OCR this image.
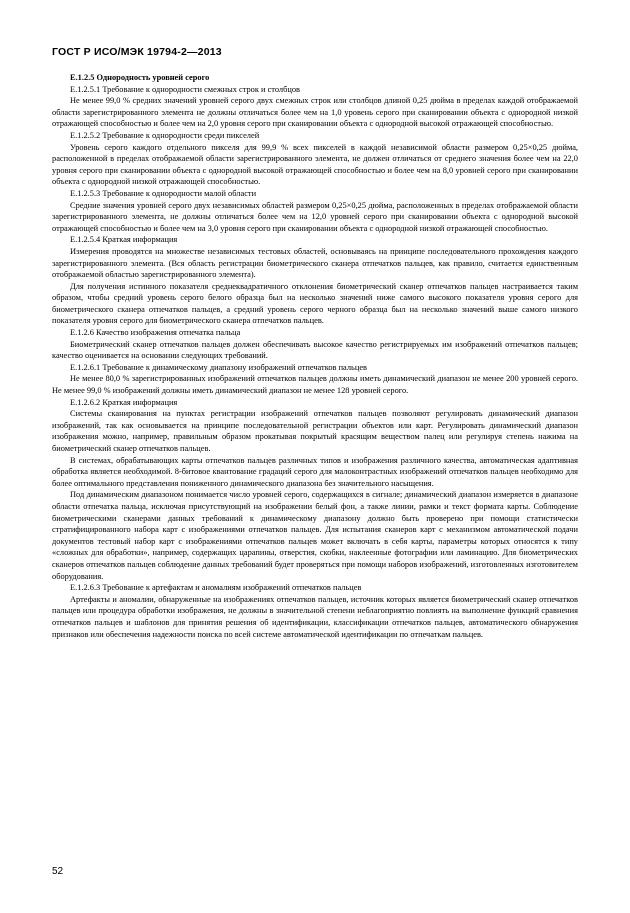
ГОСТ Р ИСО/МЭК 19794-2—2013

E.1.2.5 Однородность уровней серого

E.1.2.5.1 Требование к однородности смежных строк и столбцов

Не менее 99,0 % средних значений уровней серого двух смежных строк или столбцов длиной 0,25 дюйма в пределах каждой отображаемой области зарегистрированного элемента не должны отличаться более чем на 1,0 уровень серого при сканировании объекта с однородной низкой отражающей способностью и более чем на 2,0 уровня серого при сканировании объекта с однородной высокой отражающей способностью.

E.1.2.5.2 Требование к однородности среди пикселей

Уровень серого каждого отдельного пикселя для 99,9 % всех пикселей в каждой независимой области размером 0,25×0,25 дюйма, расположенной в пределах отображаемой области зарегистрированного элемента, не должен отличаться от среднего значения более чем на 22,0 уровня серого при сканировании объекта с однородной высокой отражающей способностью и более чем на 8,0 уровней серого при сканировании объекта с однородной низкой отражающей способностью.

E.1.2.5.3 Требование к однородности малой области

Средние значения уровней серого двух независимых областей размером 0,25×0,25 дюйма, расположенных в пределах отображаемой области зарегистрированного элемента, не должны отличаться более чем на 12,0 уровней серого при сканировании объекта с однородной высокой отражающей способностью и более чем на 3,0 уровня серого при сканировании объекта с однородной низкой отражающей способностью.

E.1.2.5.4 Краткая информация

Измерения проводятся на множестве независимых тестовых областей, основываясь на принципе последовательного прохождения каждого зарегистрированного элемента. (Вся область регистрации биометрического сканера отпечатков пальцев, как правило, считается единственным отображаемой областью зарегистрированного элемента).

Для получения истинного показателя среднеквадратичного отклонения биометрический сканер отпечатков пальцев настраивается таким образом, чтобы средний уровень серого белого образца был на несколько значений ниже самого высокого показателя уровня серого для биометрического сканера отпечатков пальцев, а средний уровень серого черного образца был на несколько значений выше самого низкого показателя уровня серого для биометрического сканера отпечатков пальцев.

E.1.2.6 Качество изображения отпечатка пальца

Биометрический сканер отпечатков пальцев должен обеспечивать высокое качество регистрируемых им изображений отпечатков пальцев; качество оценивается на основании следующих требований.

E.1.2.6.1 Требование к динамическому диапазону изображений отпечатков пальцев

Не менее 80,0 % зарегистрированных изображений отпечатков пальцев должны иметь динамический диапазон не менее 200 уровней серого. Не менее 99,0 % изображений должны иметь динамический диапазон не менее 128 уровней серого.

E.1.2.6.2 Краткая информация

Системы сканирования на пунктах регистрации изображений отпечатков пальцев позволяют регулировать динамический диапазон изображений, так как основывается на принципе последовательной регистрации объектов или карт. Регулировать динамический диапазон изображения можно, например, правильным образом прокатывая покрытый красящим веществом палец или регулируя степень нажима на биометрический сканер отпечатков пальцев.

В системах, обрабатывающих карты отпечатков пальцев различных типов и изображения различного качества, автоматическая адаптивная обработка является необходимой. 8-битовое квантование градаций серого для малоконтрастных изображений отпечатков пальцев необходимо для более оптимального представления пониженного динамического диапазона без значительного насыщения.

Под динамическим диапазоном понимается число уровней серого, содержащихся в сигнале; динамический диапазон измеряется в диапазоне области отпечатка пальца, исключая присутствующий на изображении белый фон, а также линии, рамки и текст формата карты. Соблюдение биометрическими сканерами данных требований к динамическому диапазону должно быть проверено при помощи статистически стратифицированного набора карт с изображениями отпечатков пальцев. Для испытания сканеров карт с механизмом автоматической подачи документов тестовый набор карт с изображениями отпечатков пальцев может включать в себя карты, параметры которых относятся к типу «сложных для обработки», например, содержащих царапины, отверстия, скобки, наклеенные фотографии или ламинацию. Для биометрических сканеров отпечатков пальцев соблюдение данных требований будет проверяться при помощи наборов изображений, изготовленных изготовителем оборудования.

E.1.2.6.3 Требование к артефактам и аномалиям изображений отпечатков пальцев

Артефакты и аномалии, обнаруженные на изображениях отпечатков пальцев, источник которых является биометрический сканер отпечатков пальцев или процедура обработки изображения, не должны в значительной степени неблагоприятно повлиять на выполнение функций сравнения отпечатков пальцев и шаблонов для принятия решения об идентификации, классификации отпечатков пальцев, автоматического обнаружения признаков или обеспечения надежности поиска по всей системе автоматической идентификации по отпечаткам пальцев.

52
